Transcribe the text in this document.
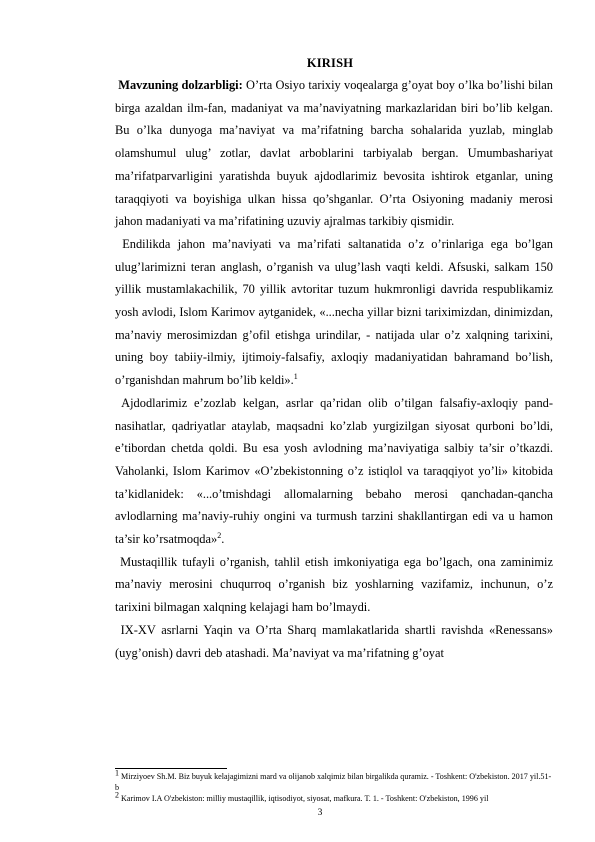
KIRISH

Mavzuning dolzarbligi: O’rta Osiyo tarixiy voqealarga g’oyat boy o’lka bo’lishi bilan birga azaldan ilm-fan, madaniyat va ma’naviyatning markazlaridan biri bo’lib kelgan. Bu o’lka dunyoga ma’naviyat va ma’rifatning barcha sohalarida yuzlab, minglab olamshumul ulug’ zotlar, davlat arboblarini tarbiyalab bergan. Umumbashariyat ma’rifatparvarligini yaratishda buyuk ajdodlarimiz bevosita ishtirok etganlar, uning taraqqiyoti va boyishiga ulkan hissa qo’shganlar. O’rta Osiyoning madaniy merosi jahon madaniyati va ma’rifatining uzuviy ajralmas tarkibiy qismidir.

Endilikda jahon ma’naviyati va ma’rifati saltanatida o’z o’rinlariga ega bo’lgan ulug’larimizni teran anglash, o’rganish va ulug’lash vaqti keldi. Afsuski, salkam 150 yillik mustamlakachilik, 70 yillik avtoritar tuzum hukmronligi davrida respublikamiz yosh avlodi, Islom Karimov aytganidek, «...necha yillar bizni tariximizdan, dinimizdan, ma’naviy merosimizdan g’ofil etishga urindilar, - natijada ular o’z xalqning tarixini, uning boy tabiiy-ilmiy, ijtimoiy-falsafiy, axloqiy madaniyatidan bahramand bo’lish, o’rganishdan mahrum bo’lib keldi».$^1$

Ajdodlarimiz e’zozlab kelgan, asrlar qa’ridan olib o’tilgan falsafiy-axloqiy pand-nasihatlar, qadriyatlar ataylab, maqsadni ko’zlab yurgizilgan siyosat qurboni bo’ldi, e’tibordan chetda qoldi. Bu esa yosh avlodning ma’naviyatiga salbiy ta’sir o’tkazdi. Vaholanki, Islom Karimov «O’zbekistonning o’z istiqlol va taraqqiyot yo’li» kitobida ta’kidlanidek: «...o’tmishdagi allomalarning bebaho merosi qanchadan-qancha avlodlarning ma’naviy-ruhiy ongini va turmush tarzini shakllantirgan edi va u hamon ta’sir ko’rsatmoqda»$^2$.

Mustaqillik tufayli o’rganish, tahlil etish imkoniyatiga ega bo’lgach, ona zaminimiz ma’naviy merosini chuqurroq o’rganish biz yoshlarning vazifamiz, inchunun, o’z tarixini bilmagan xalqning kelajagi ham bo’lmaydi.

IX-XV asrlarni Yaqin va O’rta Sharq mamlakatlarida shartli ravishda «Renessans» (uyg’onish) davri deb atashadi. Ma’naviyat va ma’rifatning g’oyat

$^1$ Mirziyoev Sh.M. Biz buyuk kelajagimizni mard va olijanob xalqimiz bilan birgalikda quramiz. - Toshkent: O'zbekiston. 2017 yil.51-b

$^2$ Karimov I.A O'zbekiston: milliy mustaqillik, iqtisodiyot, siyosat, mafkura. T. 1. - Toshkent: O'zbekiston, 1996 yil

3
